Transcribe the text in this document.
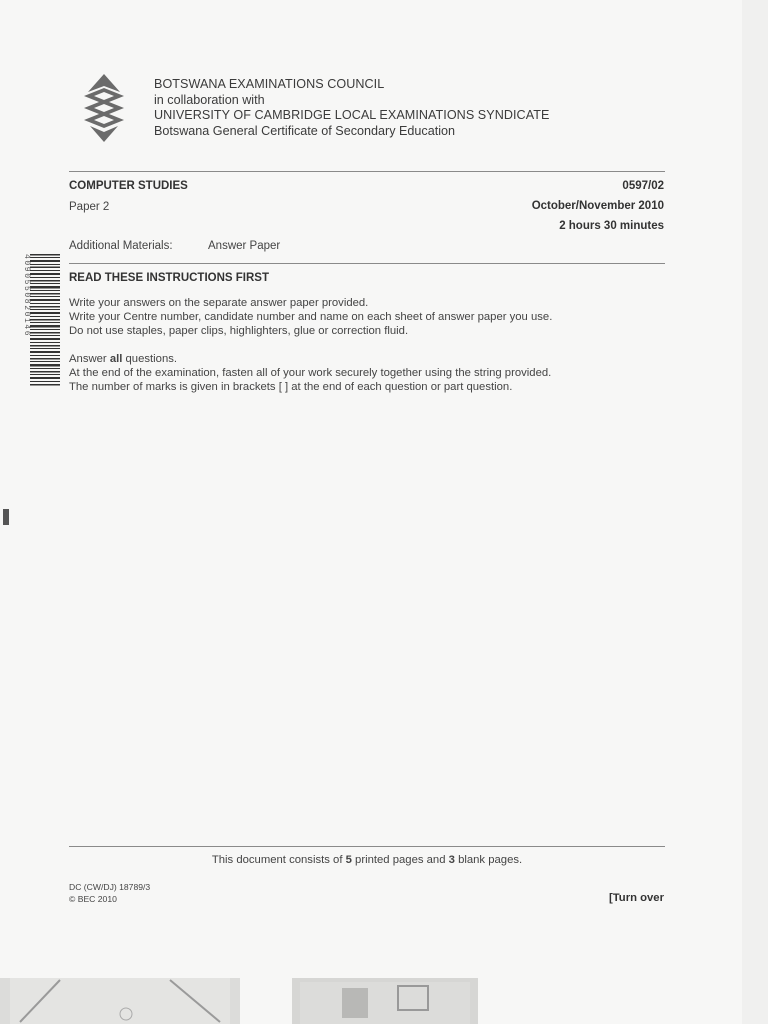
BOTSWANA EXAMINATIONS COUNCIL
in collaboration with
UNIVERSITY OF CAMBRIDGE LOCAL EXAMINATIONS SYNDICATE
Botswana General Certificate of Secondary Education
COMPUTER STUDIES
Paper 2
0597/02
October/November 2010
2 hours 30 minutes
Additional Materials:	Answer Paper
READ THESE INSTRUCTIONS FIRST

Write your answers on the separate answer paper provided.

Write your Centre number, candidate number and name on each sheet of answer paper you use.

Do not use staples, paper clips, highlighters, glue or correction fluid.

Answer all questions.

At the end of the examination, fasten all of your work securely together using the string provided.

The number of marks is given in brackets [ ] at the end of each question or part question.

4090550820146
This document consists of 5 printed pages and 3 blank pages.
DC (CW/DJ) 18789/3
© BEC 2010	[Turn over
